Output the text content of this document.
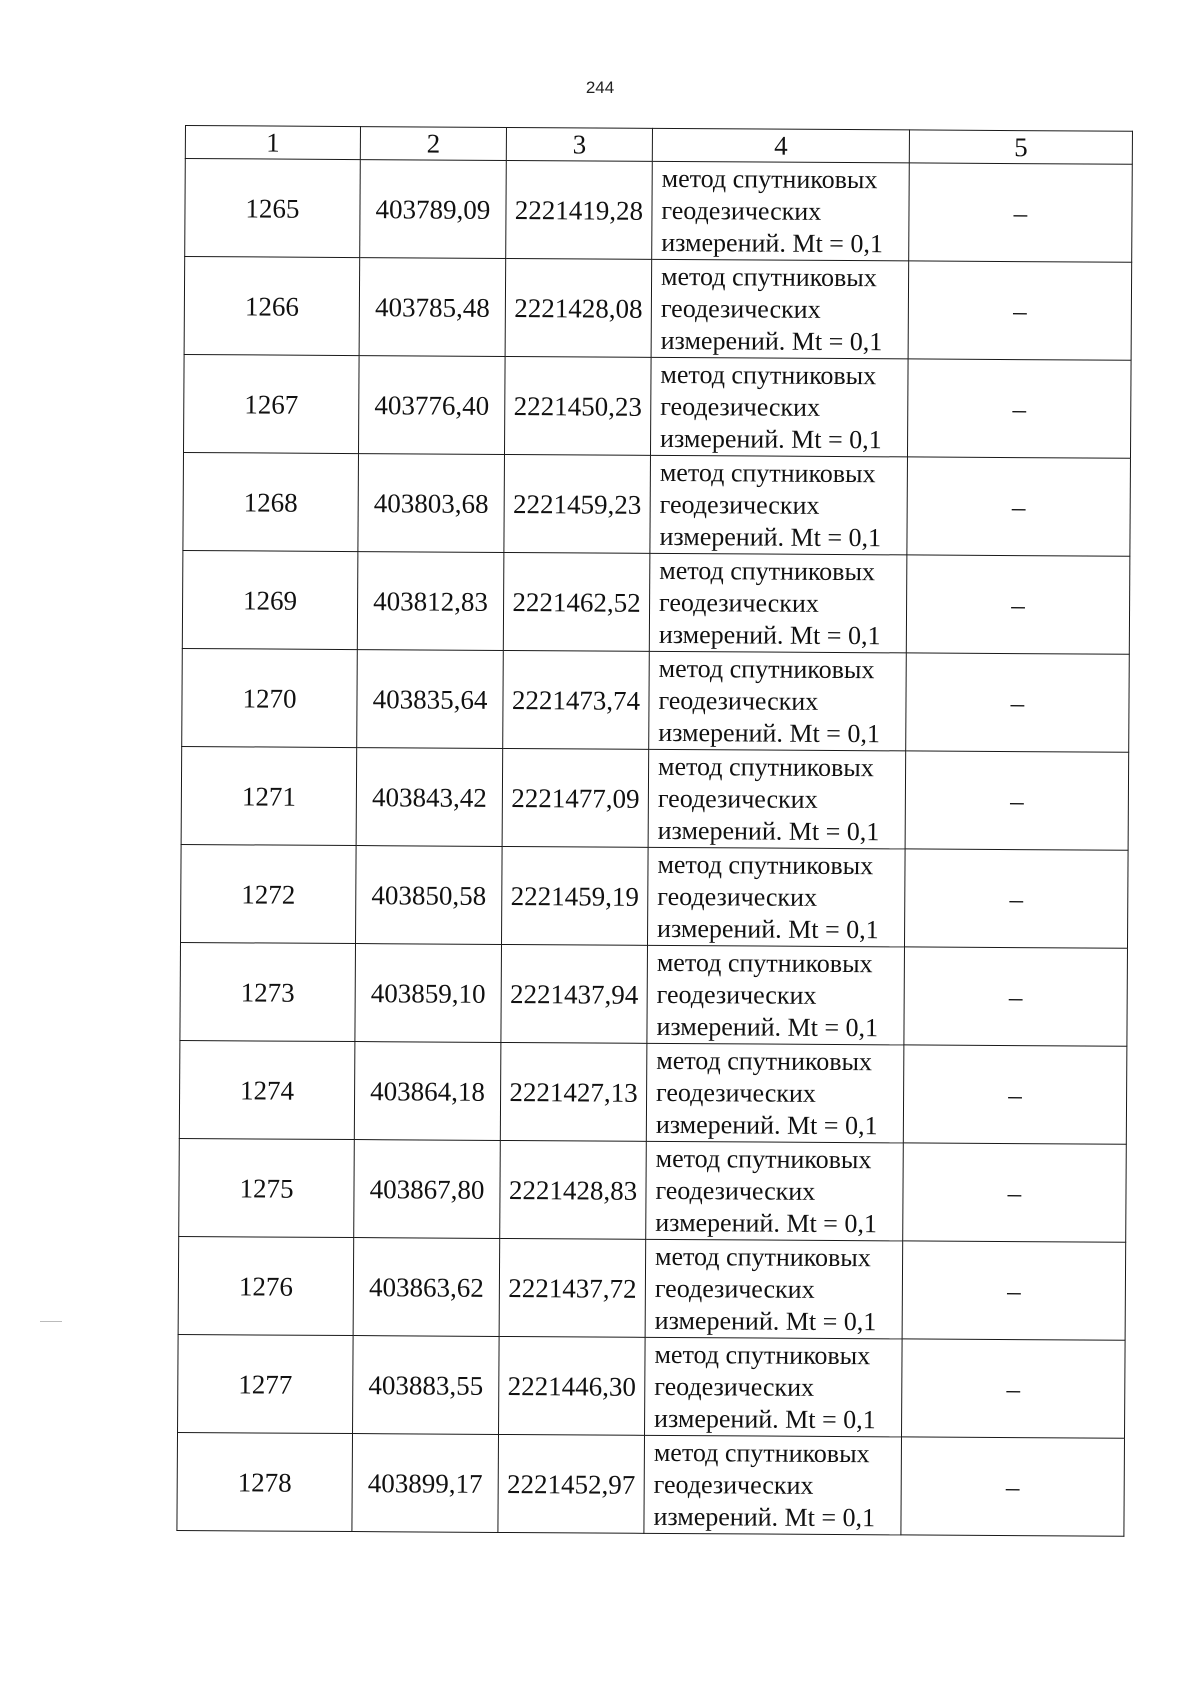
244
1	2	3	4	5
1265	403789,09	2221419,28	метод спутниковых
геодезических
измерений. Mt = 0,1	–
1266	403785,48	2221428,08	метод спутниковых
геодезических
измерений. Mt = 0,1	–
1267	403776,40	2221450,23	метод спутниковых
геодезических
измерений. Mt = 0,1	–
1268	403803,68	2221459,23	метод спутниковых
геодезических
измерений. Mt = 0,1	–
1269	403812,83	2221462,52	метод спутниковых
геодезических
измерений. Mt = 0,1	–
1270	403835,64	2221473,74	метод спутниковых
геодезических
измерений. Mt = 0,1	–
1271	403843,42	2221477,09	метод спутниковых
геодезических
измерений. Mt = 0,1	–
1272	403850,58	2221459,19	метод спутниковых
геодезических
измерений. Mt = 0,1	–
1273	403859,10	2221437,94	метод спутниковых
геодезических
измерений. Mt = 0,1	–
1274	403864,18	2221427,13	метод спутниковых
геодезических
измерений. Mt = 0,1	–
1275	403867,80	2221428,83	метод спутниковых
геодезических
измерений. Mt = 0,1	–
1276	403863,62	2221437,72	метод спутниковых
геодезических
измерений. Mt = 0,1	–
1277	403883,55	2221446,30	метод спутниковых
геодезических
измерений. Mt = 0,1	–
1278	403899,17	2221452,97	метод спутниковых
геодезических
измерений. Mt = 0,1	–
